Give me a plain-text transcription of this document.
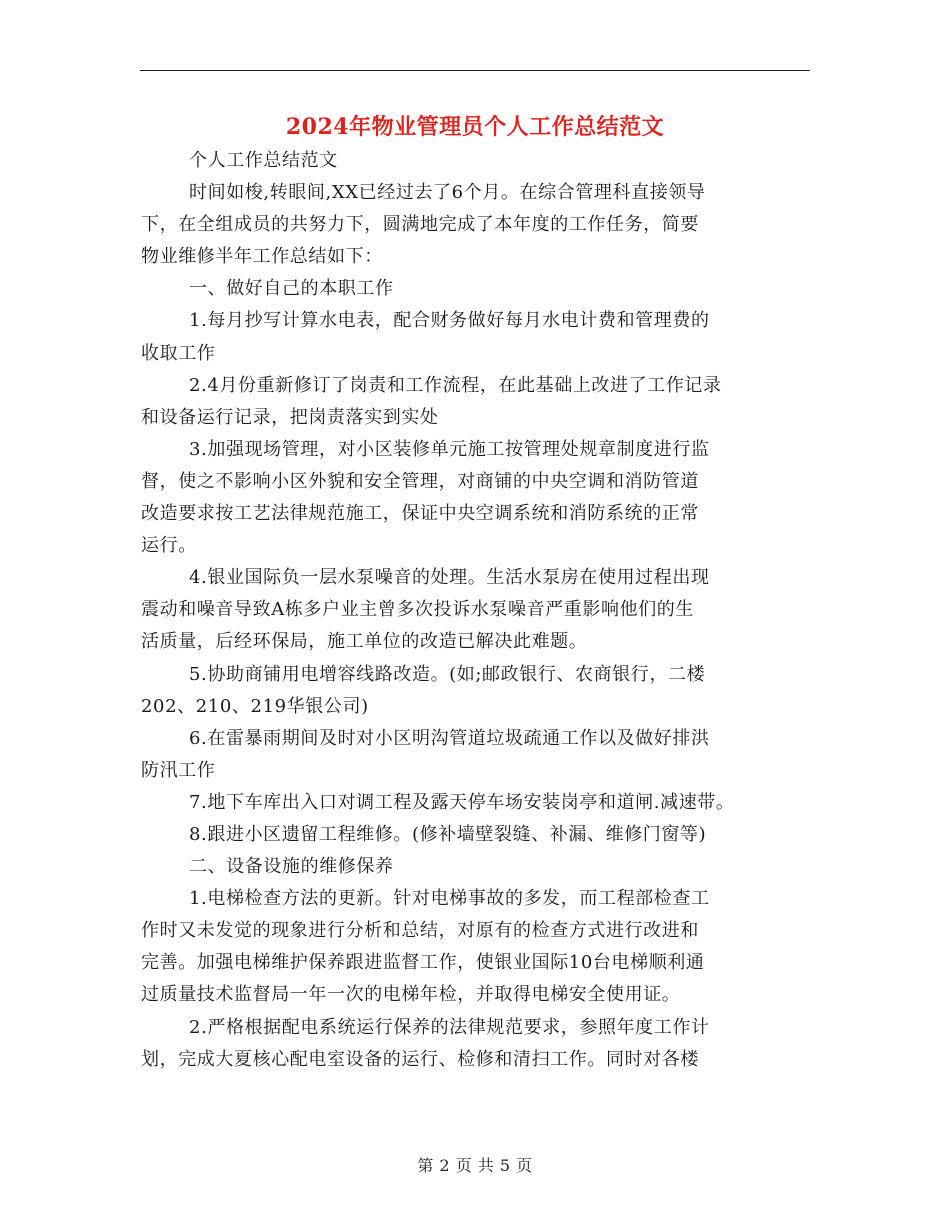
2024年物业管理员个人工作总结范文

个人工作总结范文

时间如梭,转眼间,XX已经过去了6个月。在综合管理科直接领导

下，在全组成员的共努力下，圆满地完成了本年度的工作任务，简要

物业维修半年工作总结如下：

一、做好自己的本职工作

1.每月抄写计算水电表，配合财务做好每月水电计费和管理费的

收取工作

2.4月份重新修订了岗责和工作流程，在此基础上改进了工作记录

和设备运行记录，把岗责落实到实处

3.加强现场管理，对小区装修单元施工按管理处规章制度进行监

督，使之不影响小区外貌和安全管理，对商铺的中央空调和消防管道

改造要求按工艺法律规范施工，保证中央空调系统和消防系统的正常

运行。

4.银业国际负一层水泵噪音的处理。生活水泵房在使用过程出现

震动和噪音导致A栋多户业主曾多次投诉水泵噪音严重影响他们的生

活质量，后经环保局，施工单位的改造已解决此难题。

5.协助商铺用电增容线路改造。(如;邮政银行、农商银行，二楼

202、210、219华银公司)

6.在雷暴雨期间及时对小区明沟管道垃圾疏通工作以及做好排洪

防汛工作

7.地下车库出入口对调工程及露天停车场安装岗亭和道闸.减速带。

8.跟进小区遗留工程维修。(修补墙壁裂缝、补漏、维修门窗等)

二、设备设施的维修保养

1.电梯检查方法的更新。针对电梯事故的多发，而工程部检查工

作时又未发觉的现象进行分析和总结，对原有的检查方式进行改进和

完善。加强电梯维护保养跟进监督工作，使银业国际10台电梯顺利通

过质量技术监督局一年一次的电梯年检，并取得电梯安全使用证。

2.严格根据配电系统运行保养的法律规范要求，参照年度工作计

划，完成大夏核心配电室设备的运行、检修和清扫工作。同时对各楼

第 2 页 共 5 页
